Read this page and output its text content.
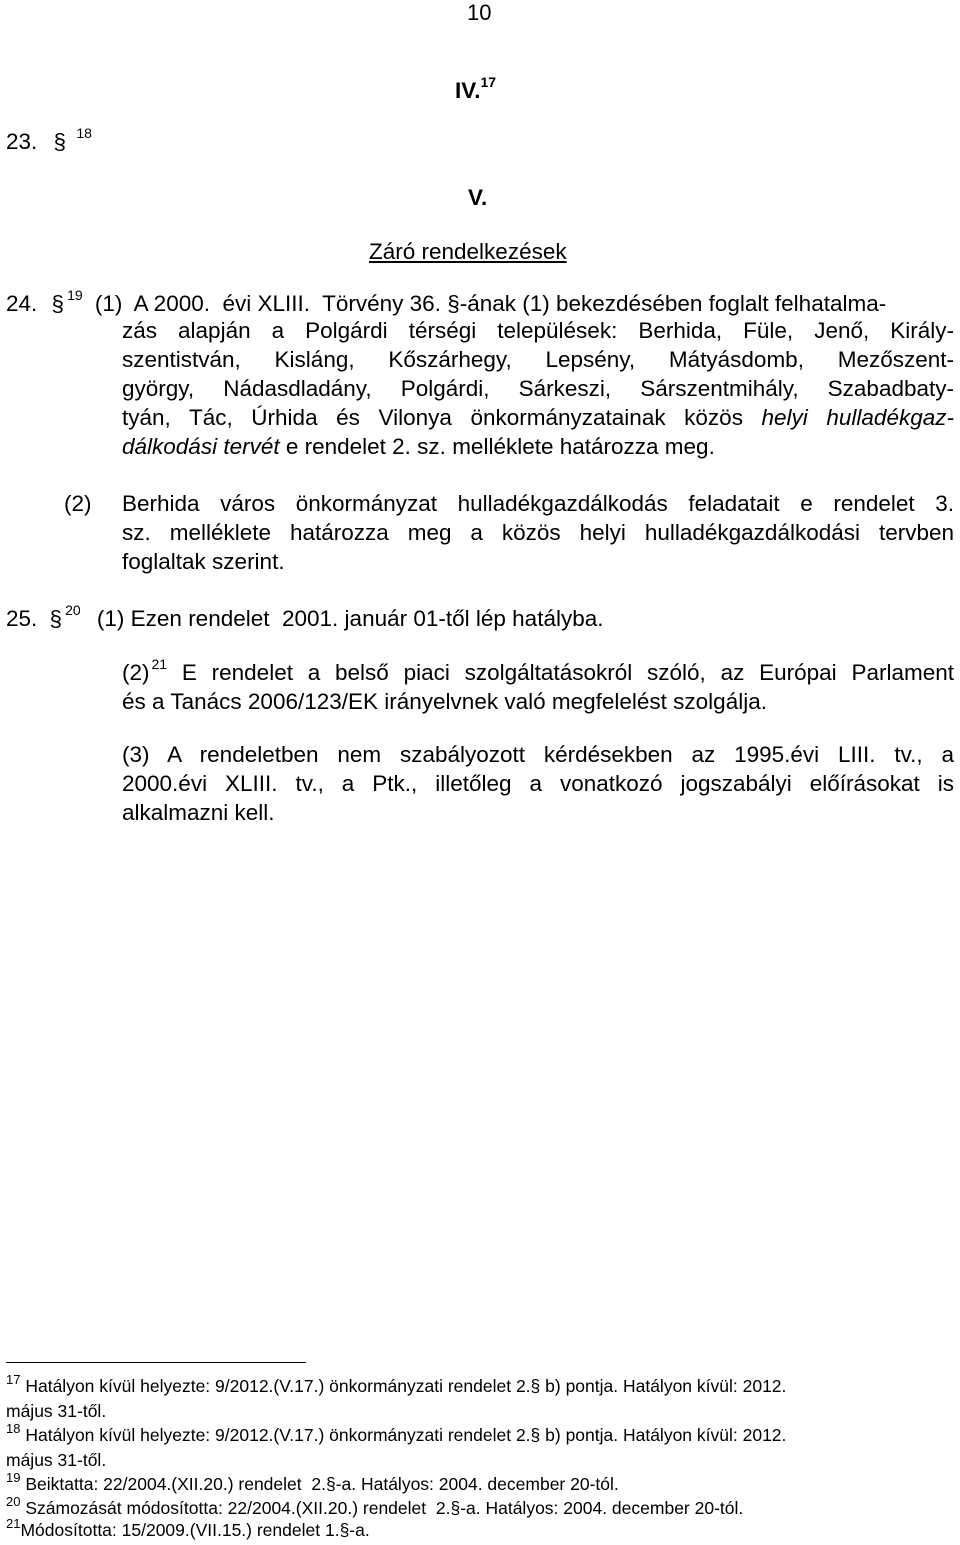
10
IV.$^{17}$
23. § $^{18}$
V.
Záró rendelkezések
24. § $^{19}$ (1)  A 2000.  évi XLIII.  Törvény 36. §-ának (1) bekezdésében foglalt felhatalma-
zás alapján a Polgárdi térségi települések: Berhida, Füle, Jenő, Király-
szentistván, Kisláng, Kőszárhegy, Lepsény, Mátyásdomb, Mezőszent-
györgy, Nádasdladány, Polgárdi, Sárkeszi, Sárszentmihály, Szabadbaty-
tyán, Tác, Úrhida és Vilonya önkormányzatainak közös helyi hulladékgaz-
dálkodási tervét e rendelet 2. sz. melléklete határozza meg.
(2) Berhida város önkormányzat hulladékgazdálkodás feladatait e rendelet 3.
sz. melléklete határozza meg a közös helyi hulladékgazdálkodási tervben
foglaltak szerint.
25. § $^{20}$ (1) Ezen rendelet  2001. január 01-től lép hatályba.
(2) $^{21}$ E rendelet a belső piaci szolgáltatásokról szóló, az Európai Parlament
és a Tanács 2006/123/EK irányelvnek való megfelelést szolgálja.
(3) A rendeletben nem szabályozott kérdésekben az 1995.évi LIII. tv., a
2000.évi XLIII. tv., a Ptk., illetőleg a vonatkozó jogszabályi előírásokat is
alkalmazni kell.
$^{17}$ Hatályon kívül helyezte: 9/2012.(V.17.) önkormányzati rendelet 2.§ b) pontja. Hatályon kívül: 2012.
május 31-től.
$^{18}$ Hatályon kívül helyezte: 9/2012.(V.17.) önkormányzati rendelet 2.§ b) pontja. Hatályon kívül: 2012.
május 31-től.
$^{19}$ Beiktatta: 22/2004.(XII.20.) rendelet  2.§-a. Hatályos: 2004. december 20-tól.
$^{20}$ Számozását módosította: 22/2004.(XII.20.) rendelet  2.§-a. Hatályos: 2004. december 20-tól.
$^{21}$Módosította: 15/2009.(VII.15.) rendelet 1.§-a.
